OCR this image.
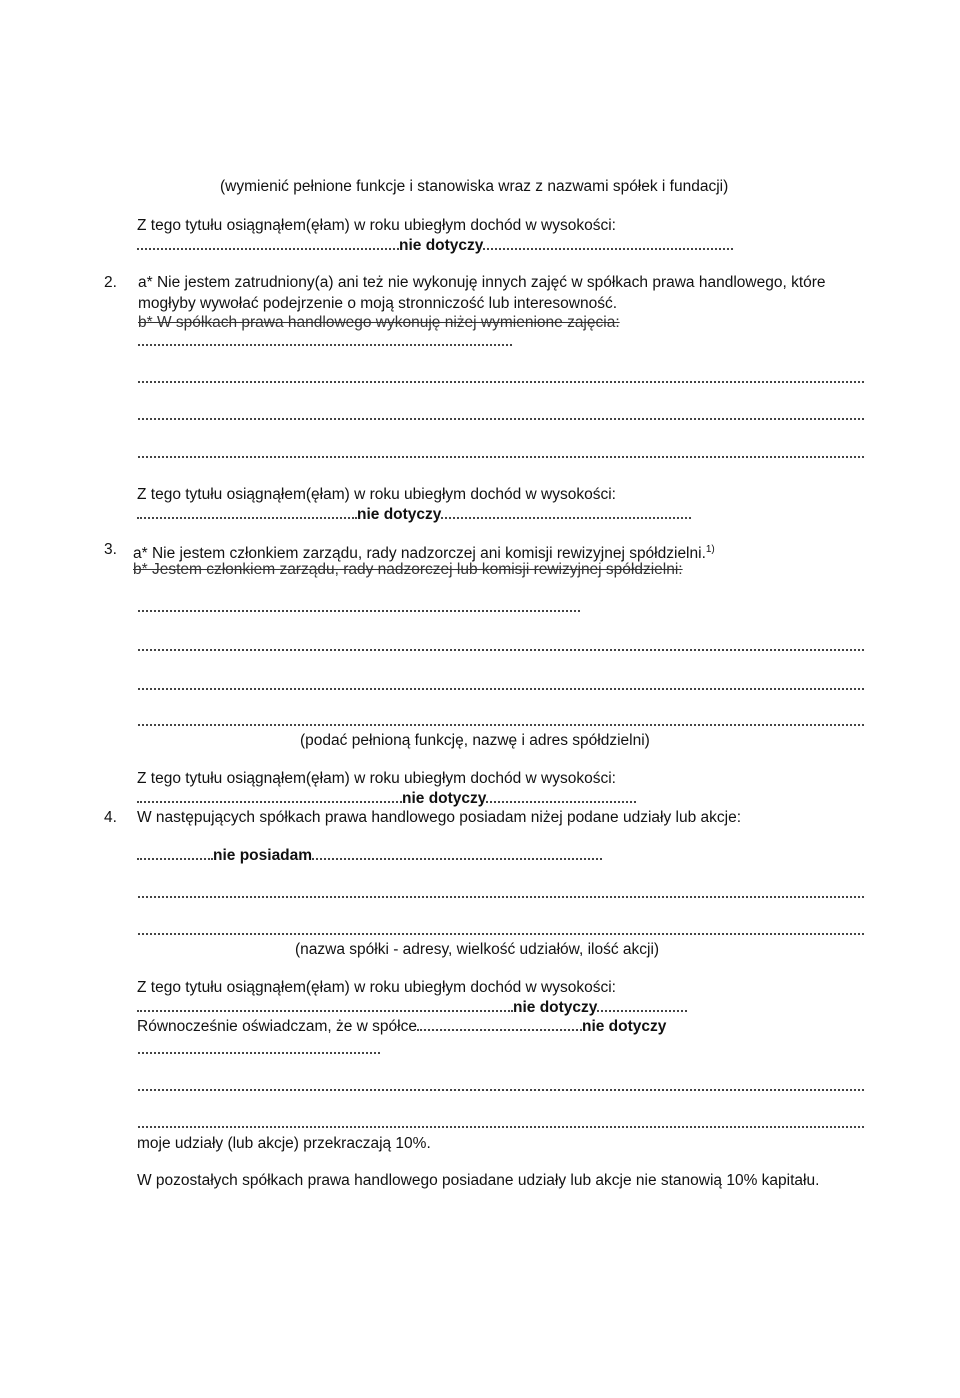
(wymienić pełnione funkcje i stanowiska wraz z nazwami spółek i fundacji)
Z tego tytułu osiągnąłem(ęłam) w roku ubiegłym dochód w wysokości:
nie dotyczy
2. a* Nie jestem zatrudniony(a) ani też nie wykonuję innych zajęć w spółkach prawa handlowego, które
mogłyby wywołać podejrzenie o moją stronniczość lub interesowność.
b* W spółkach prawa handlowego wykonuję niżej wymienione zajęcia:
Z tego tytułu osiągnąłem(ęłam) w roku ubiegłym dochód w wysokości:
nie dotyczy
3. a* Nie jestem członkiem zarządu, rady nadzorczej ani komisji rewizyjnej spółdzielni.$^{1)}$
b* Jestem członkiem zarządu, rady nadzorczej lub komisji rewizyjnej spółdzielni:
(podać pełnioną funkcję, nazwę i adres spółdzielni)
Z tego tytułu osiągnąłem(ęłam) w roku ubiegłym dochód w wysokości:
nie dotyczy
4. W następujących spółkach prawa handlowego posiadam niżej podane udziały lub akcje:
nie posiadam
(nazwa spółki - adresy, wielkość udziałów, ilość akcji)
Z tego tytułu osiągnąłem(ęłam) w roku ubiegłym dochód w wysokości:
nie dotyczy
Równocześnie oświadczam, że w spółce	nie dotyczy
moje udziały (lub akcje) przekraczają 10%.
W pozostałych spółkach prawa handlowego posiadane udziały lub akcje nie stanowią 10% kapitału.
